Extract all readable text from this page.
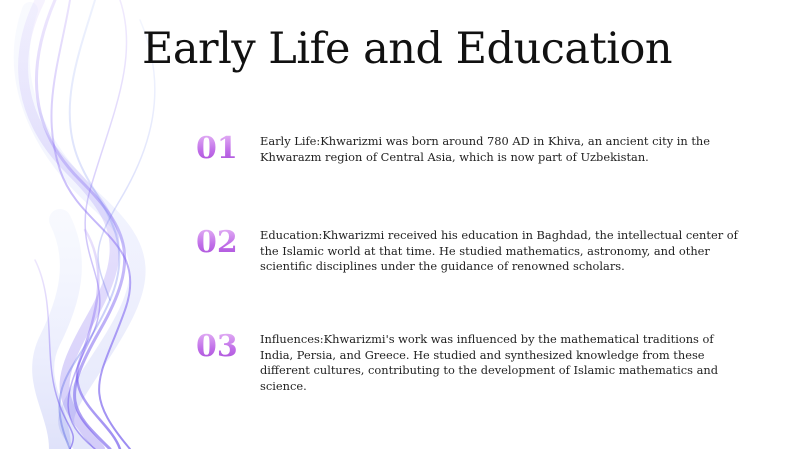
Early Life and Education
01	Early Life:Khwarizmi was born around 780 AD in Khiva, an ancient city in the Khwarazm region of Central Asia, which is now part of Uzbekistan.
02	Education:Khwarizmi received his education in Baghdad, the intellectual center of the Islamic world at that time. He studied mathematics, astronomy, and other scientific disciplines under the guidance of renowned scholars.
03	Influences:Khwarizmi's work was influenced by the mathematical traditions of India, Persia, and Greece. He studied and synthesized knowledge from these different cultures, contributing to the development of Islamic mathematics and science.
